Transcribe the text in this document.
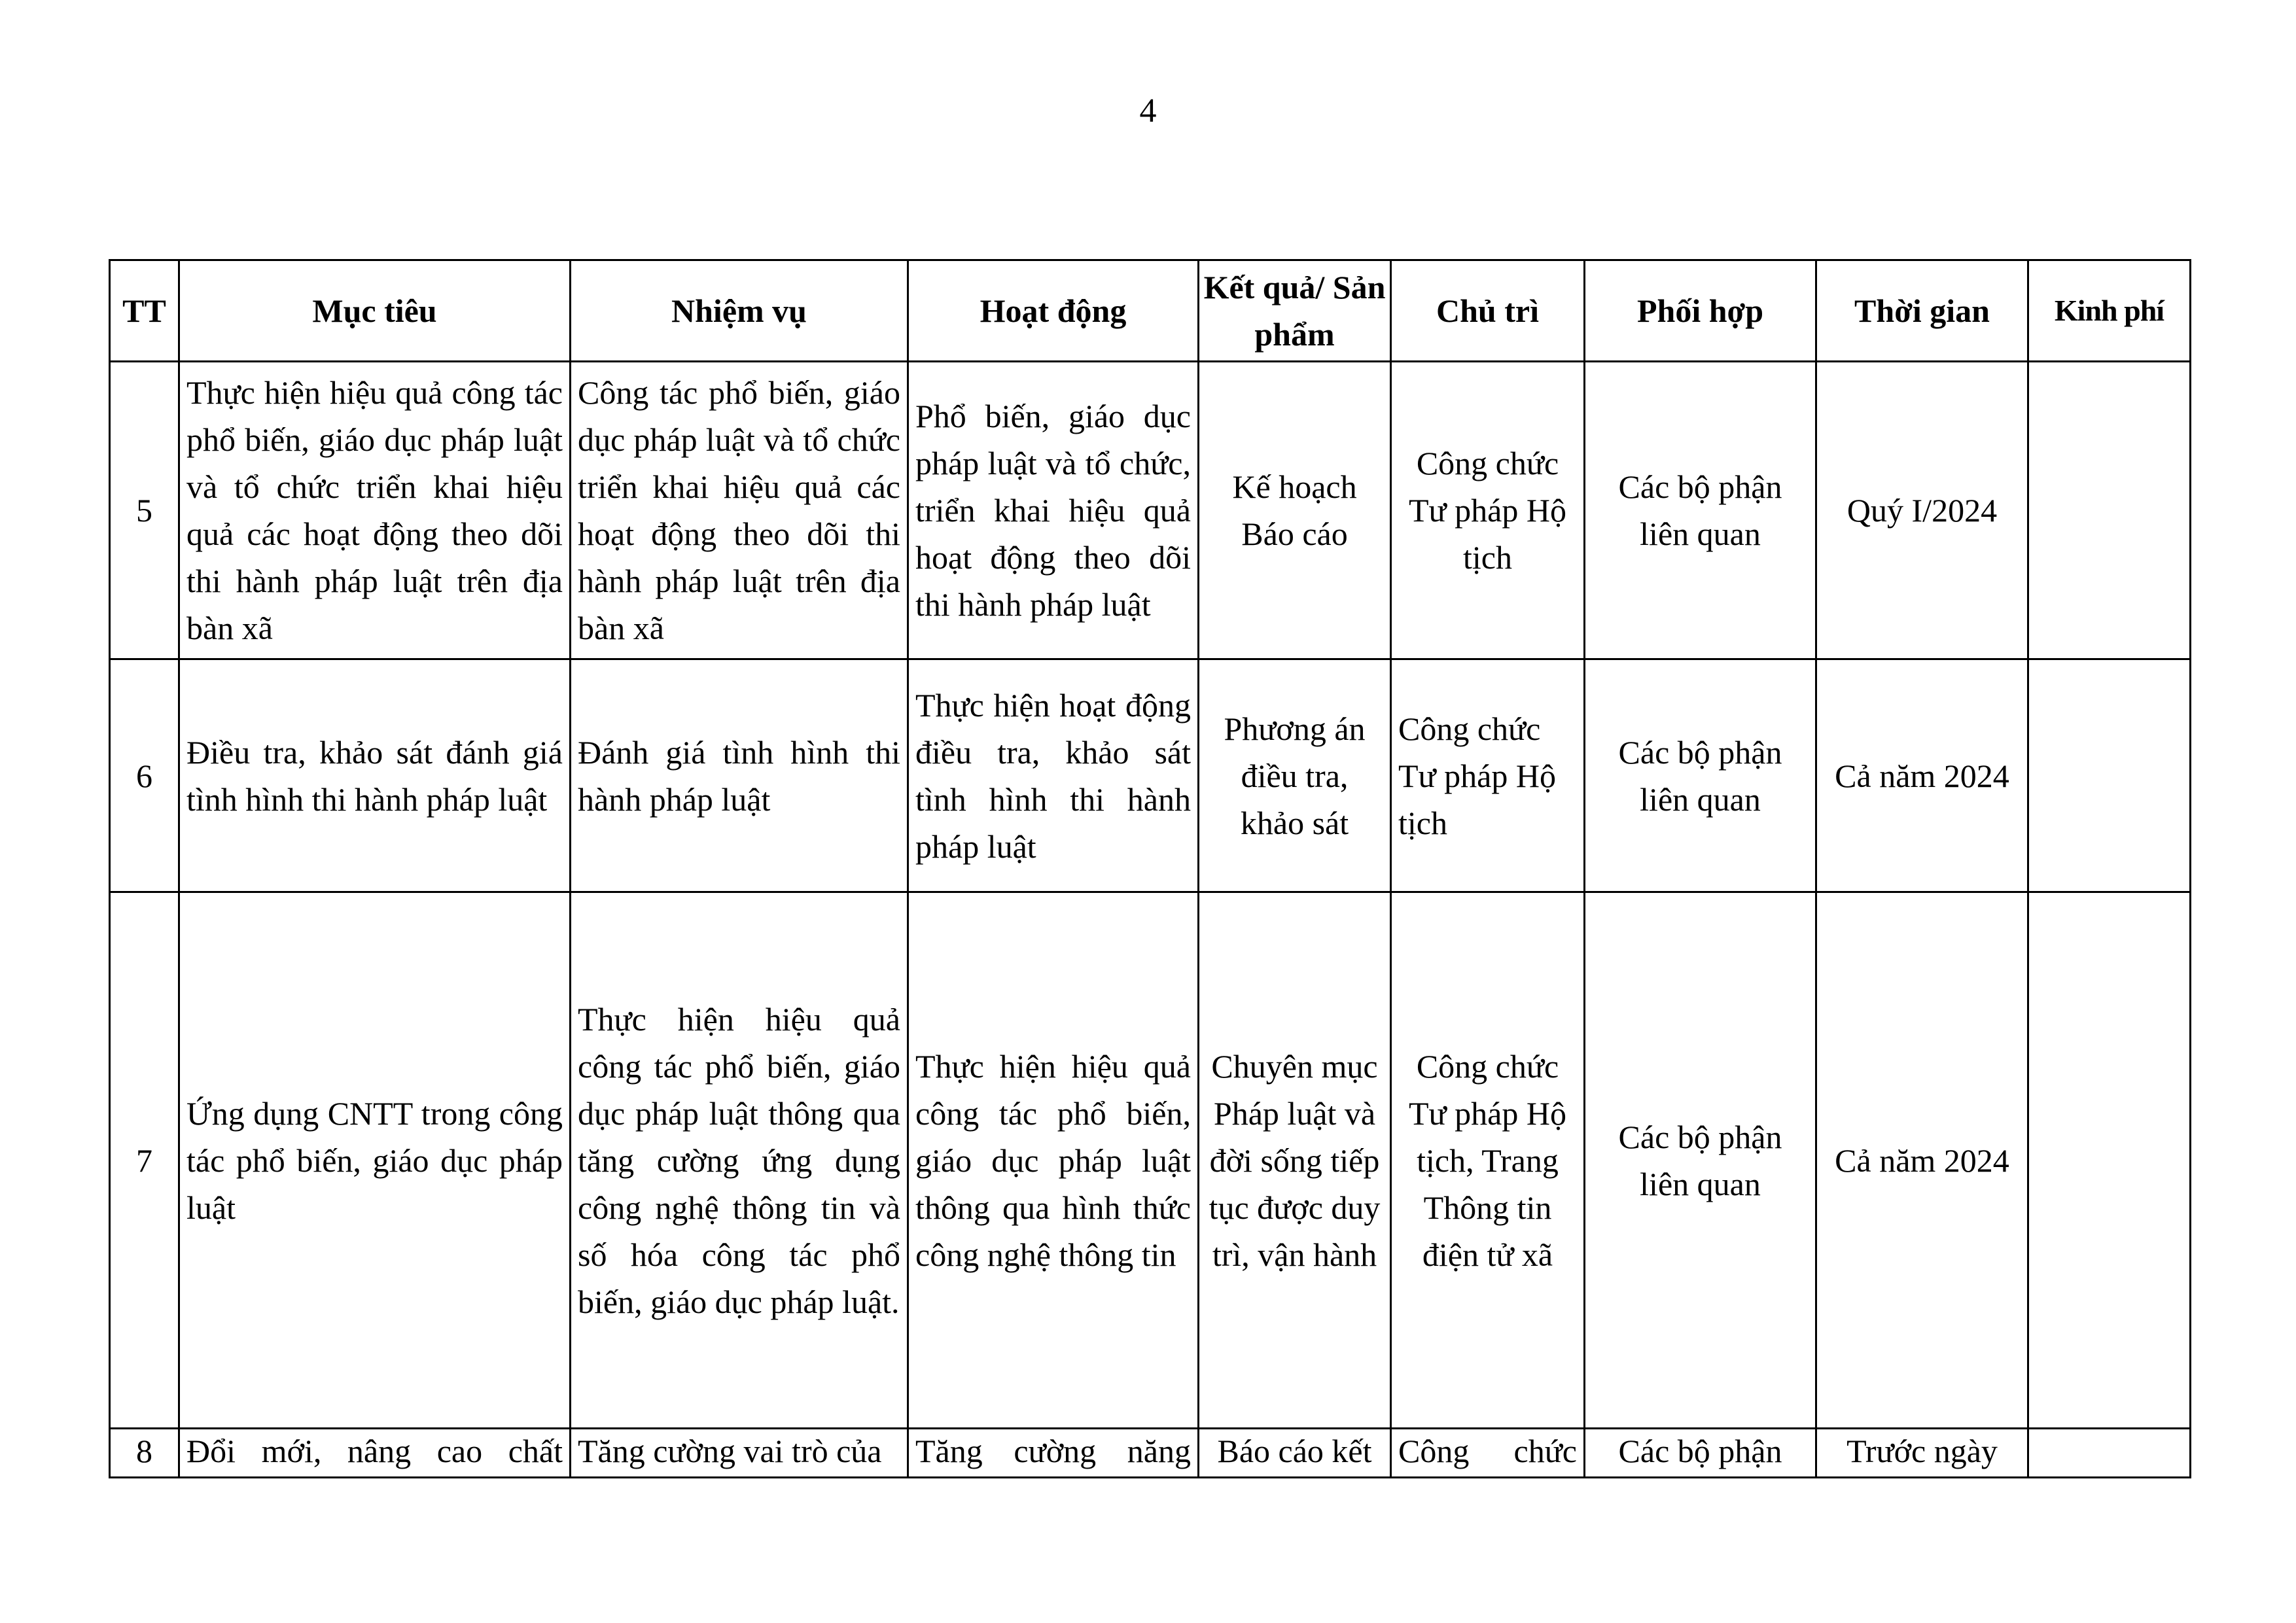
4
TT	Mục tiêu	Nhiệm vụ	Hoạt động	Kết quả/ Sản phẩm	Chủ trì	Phối hợp	Thời gian	Kinh phí
5	Thực hiện hiệu quả công tác phổ biến, giáo dục pháp luật và tổ chức triển khai hiệu quả các hoạt động theo dõi thi hành pháp luật trên địa bàn xã	Công tác phổ biến, giáo dục pháp luật và tổ chức triển khai hiệu quả các hoạt động theo dõi thi hành pháp luật trên địa bàn xã	Phổ biến, giáo dục pháp luật và tổ chức, triển khai hiệu quả hoạt động theo dõi thi hành pháp luật	Kế hoạch Báo cáo	Công chức Tư pháp Hộ tịch	Các bộ phận liên quan	Quý I/2024	
6	Điều tra, khảo sát đánh giá tình hình thi hành pháp luật	Đánh giá tình hình thi hành pháp luật	Thực hiện hoạt động điều tra, khảo sát tình hình thi hành pháp luật	Phương án điều tra, khảo sát	Công chức Tư pháp Hộ tịch	Các bộ phận liên quan	Cả năm 2024	
7	Ứng dụng CNTT trong công tác phổ biến, giáo dục pháp luật	Thực hiện hiệu quả công tác phổ biến, giáo dục pháp luật thông qua tăng cường ứng dụng công nghệ thông tin và số hóa công tác phổ biến, giáo dục pháp luật.	Thực hiện hiệu quả công tác phổ biến, giáo dục pháp luật thông qua hình thức công nghệ thông tin	Chuyên mục Pháp luật và đời sống tiếp tục được duy trì, vận hành	Công chức Tư pháp Hộ tịch, Trang Thông tin điện tử xã	Các bộ phận liên quan	Cả năm 2024	
8	Đổi mới, nâng cao chất	Tăng cường vai trò của	Tăng cường năng	Báo cáo kết	Công chức	Các bộ phận	Trước ngày	
